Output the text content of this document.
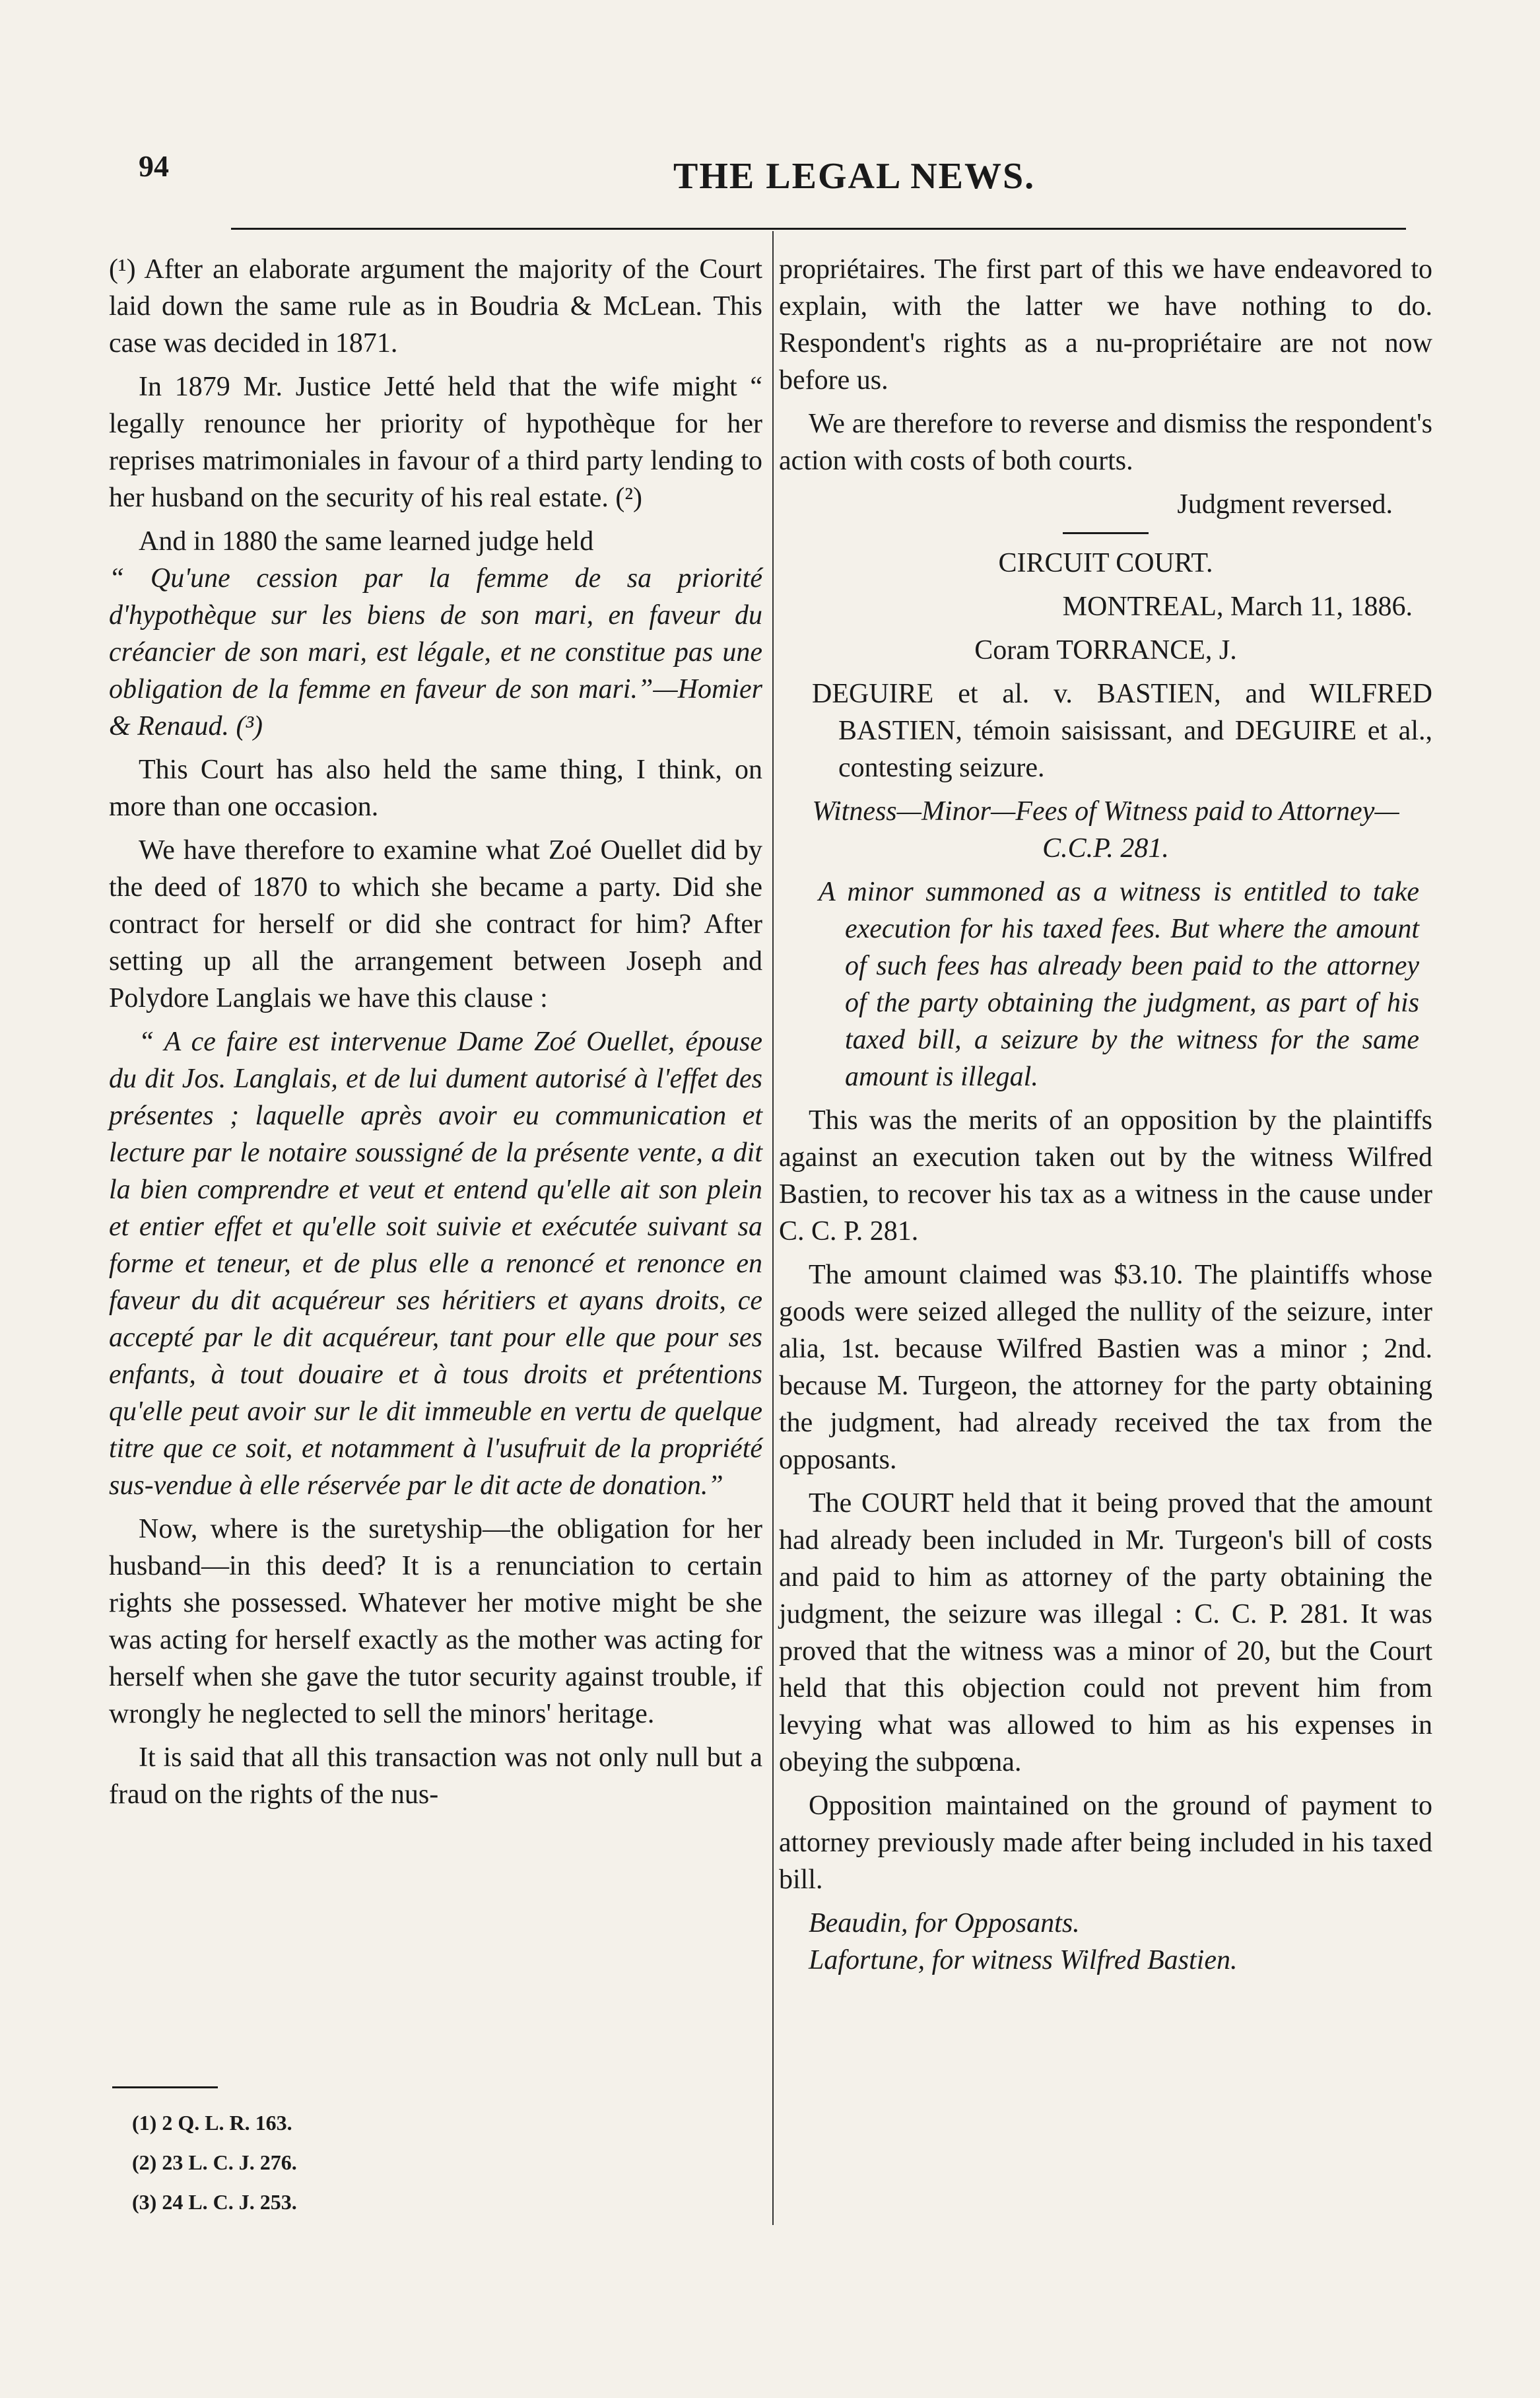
94	THE LEGAL NEWS.

(¹) After an elaborate argument the majority of the Court laid down the same rule as in Boudria & McLean. This case was decided in 1871.

In 1879 Mr. Justice Jetté held that the wife might “ legally renounce her priority of hypothèque for her reprises matrimoniales in favour of a third party lending to her husband on the security of his real estate. (²)

And in 1880 the same learned judge held

“ Qu'une cession par la femme de sa priorité d'hypothèque sur les biens de son mari, en faveur du créancier de son mari, est légale, et ne constitue pas une obligation de la femme en faveur de son mari.”—Homier & Renaud. (³)

This Court has also held the same thing, I think, on more than one occasion.

We have therefore to examine what Zoé Ouellet did by the deed of 1870 to which she became a party. Did she contract for herself or did she contract for him? After setting up all the arrangement between Joseph and Polydore Langlais we have this clause :

“ A ce faire est intervenue Dame Zoé Ouellet, épouse du dit Jos. Langlais, et de lui dument autorisé à l'effet des présentes ; laquelle après avoir eu communication et lecture par le notaire soussigné de la présente vente, a dit la bien comprendre et veut et entend qu'elle ait son plein et entier effet et qu'elle soit suivie et exécutée suivant sa forme et teneur, et de plus elle a renoncé et renonce en faveur du dit acquéreur ses héritiers et ayans droits, ce accepté par le dit acquéreur, tant pour elle que pour ses enfants, à tout douaire et à tous droits et prétentions qu'elle peut avoir sur le dit immeuble en vertu de quelque titre que ce soit, et notamment à l'usufruit de la propriété sus-vendue à elle réservée par le dit acte de donation.”

Now, where is the suretyship—the obligation for her husband—in this deed? It is a renunciation to certain rights she possessed. Whatever her motive might be she was acting for herself exactly as the mother was acting for herself when she gave the tutor security against trouble, if wrongly he neglected to sell the minors' heritage.

It is said that all this transaction was not only null but a fraud on the rights of the nus-

propriétaires. The first part of this we have endeavored to explain, with the latter we have nothing to do. Respondent's rights as a nu-propriétaire are not now before us.

We are therefore to reverse and dismiss the respondent's action with costs of both courts.

Judgment reversed.

CIRCUIT COURT.

MONTREAL, March 11, 1886.

Coram TORRANCE, J.

DEGUIRE et al. v. BASTIEN, and WILFRED BASTIEN, témoin saisissant, and DEGUIRE et al., contesting seizure.

Witness—Minor—Fees of Witness paid to Attorney—C.C.P. 281.

A minor summoned as a witness is entitled to take execution for his taxed fees. But where the amount of such fees has already been paid to the attorney of the party obtaining the judgment, as part of his taxed bill, a seizure by the witness for the same amount is illegal.

This was the merits of an opposition by the plaintiffs against an execution taken out by the witness Wilfred Bastien, to recover his tax as a witness in the cause under C. C. P. 281.

The amount claimed was $3.10. The plaintiffs whose goods were seized alleged the nullity of the seizure, inter alia, 1st. because Wilfred Bastien was a minor ; 2nd. because M. Turgeon, the attorney for the party obtaining the judgment, had already received the tax from the opposants.

The COURT held that it being proved that the amount had already been included in Mr. Turgeon's bill of costs and paid to him as attorney of the party obtaining the judgment, the seizure was illegal : C. C. P. 281. It was proved that the witness was a minor of 20, but the Court held that this objection could not prevent him from levying what was allowed to him as his expenses in obeying the subpœna.

Opposition maintained on the ground of payment to attorney previously made after being included in his taxed bill.

Beaudin, for Opposants.

Lafortune, for witness Wilfred Bastien.

(1) 2 Q. L. R. 163.
(2) 23 L. C. J. 276.
(3) 24 L. C. J. 253.
